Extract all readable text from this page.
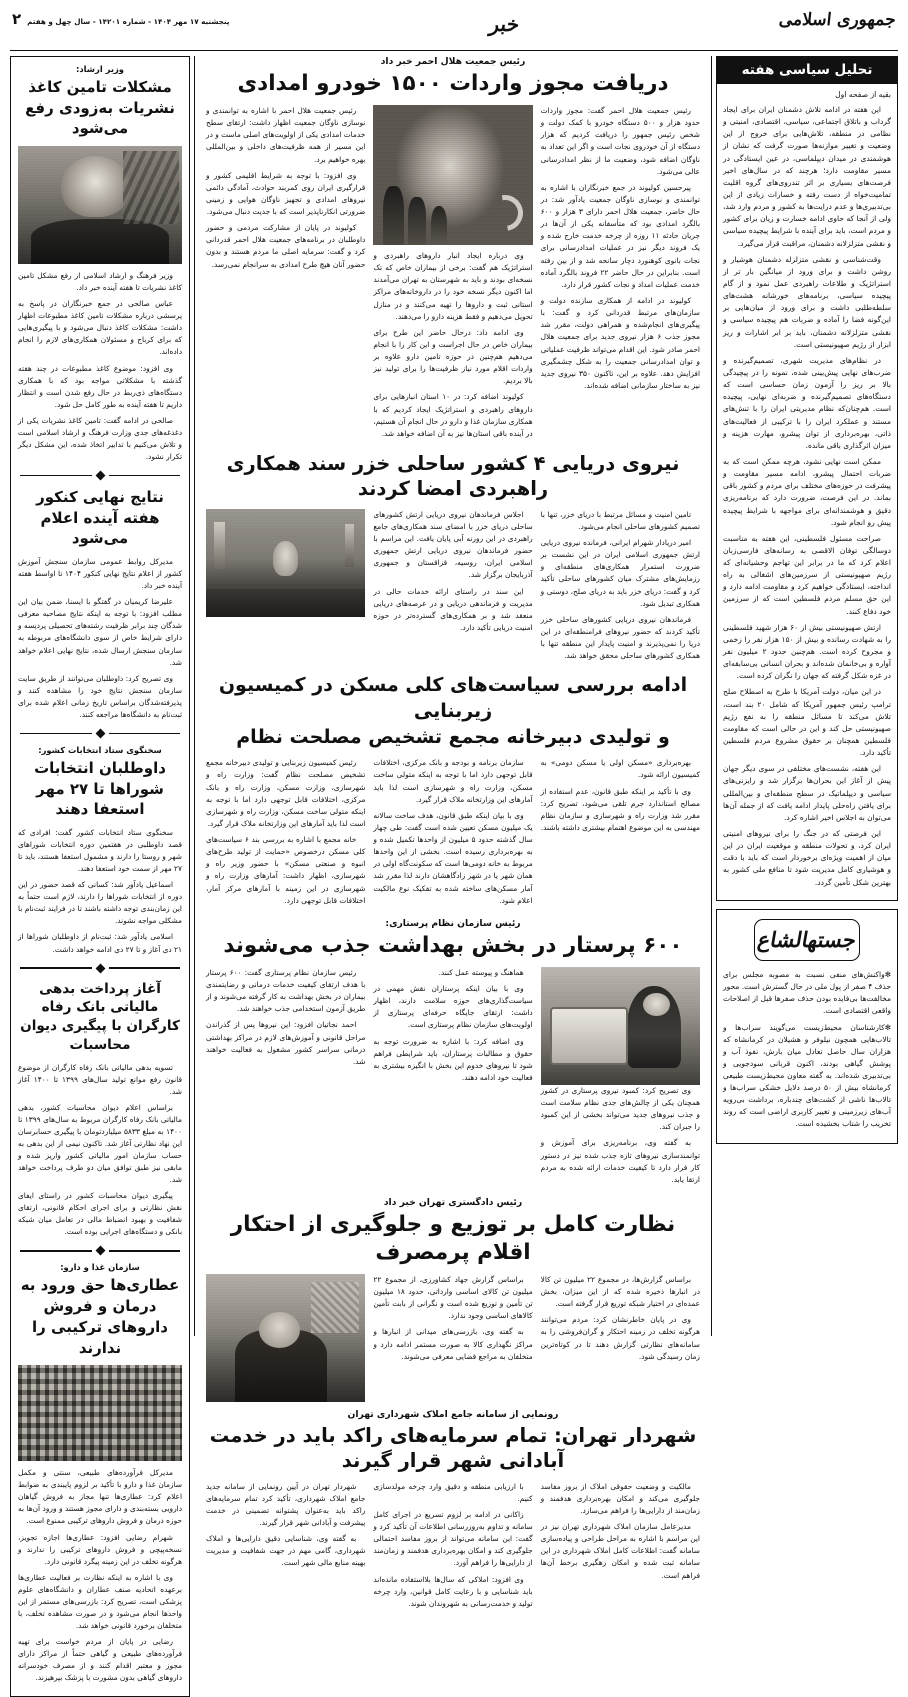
جمهوری اسلامی
خبر
۲ پنجشنبه ۱۷ مهر ۱۴۰۴ - شماره ۱۴۲۰۱ - سال چهل و هفتم
تحلیل سیاسی هفته
بقیه از صفحه اول

این هفته در ادامه تلاش دشمنان ایران برای ایجاد گرداب و باتلاق اجتماعی، سیاسی، اقتصادی، امنیتی و نظامی در منطقه، تلاش‌هایی برای خروج از این وضعیت و تغییر موازنه‌ها صورت گرفت که نشان از هوشمندی در میدان دیپلماسی، در عین ایستادگی در مسیر مقاومت دارد؛ هرچند که در سال‌های اخیر فرصت‌های بسیاری بر اثر تندروی‌های گروه اقلیت تمامیت‌خواه از دست رفته و خسارات زیادی از این بی‌تدبیری‌ها و عدم درایت‌ها به کشور و مردم وارد شد، ولی از آنجا که حاوی ادامه خسارت و زیان برای کشور و مردم است، باید برای آینده با شرایط پیچیده سیاسی و نقشی متزلزلانه دشمنان، مراقبت قرار می‌گیرد.

وقت‌شناسی و نقشی متزلزله دشمنان هوشیار و روشن داشت و برای ورود از میانگین بار تر از استراتژیک و طلاعات راهبردی عمل نمود و از گام پیچیده سیاسی، برنامه‌های خورشانه هشت‌های سلطه‌طلبی داشت و برای ورود از میان‌هایی بر این‌گونه فضا را آماده و ضربات هم پیچیده سیاسی و نقشی متزلزلانه دشمنان، باید بر ابر اشارات و ریز ابزار از رژیم صهیونیستی است.

در نظام‌های مدیریت شهری، تصمیم‌گیرنده و ضرب‌های نهایی پیش‌بینی شده، نمونه را در پیچیدگی بالا بر ریز را آزمون زمان حساسی است که دستگاه‌های تصمیم‌گیرنده و ضربه‌ای نهایی، پیچیده است. هم‌چنان‌که نظام مدیریتی ایران را با تنش‌های مستند و عملکرد ایران را با ترکیبی از فعالیت‌های ذاتی، بهره‌برداری از توان پیشرو، مهارت هزینه و میزان اثرگذاری باقی مانده.

ممکن است نهایی نشود، هرچه ممکن است که به ضربات احتمال پیشرو، ادامه مسیر مقاومت و پیشرفت در حوزه‌های مختلف برای مردم و کشور باقی بماند. در این فرصت، ضرورت دارد که برنامه‌ریزی دقیق و هوشمندانه‌ای برای مواجهه با شرایط پیچیده پیش رو انجام شود.

صراحت مسئول فلسطینی، این هفته به مناسبت دوسالگی توفان الاقصی به رسانه‌های فارسی‌زبان اعلام کرد که ما در برابر این تهاجم وحشیانه‌ای که رژیم صهیونیستی از سرزمین‌های اشغالی به راه انداخته، ایستادگی خواهیم کرد و مقاومت ادامه دارد و این حق مسلم مردم فلسطین است که از سرزمین خود دفاع کنند.

ارتش صهیونیستی بیش از ۶۰ هزار شهید فلسطینی را به شهادت رسانده و بیش از ۱۵۰ هزار نفر را زخمی و مجروح کرده است. هم‌چنین حدود ۲ میلیون نفر آواره و بی‌خانمان شده‌اند و بحران انسانی بی‌سابقه‌ای در غزه شکل گرفته که جهان را نگران کرده است.

در این میان، دولت آمریکا با طرح به اصطلاح صلح ترامپ رئیس جمهور آمریکا که شامل ۲۰ بند است، تلاش می‌کند تا مسائل منطقه را به نفع رژیم صهیونیستی حل کند و این در حالی است که مقاومت فلسطین همچنان بر حقوق مشروع مردم فلسطین تأکید دارد.

این هفته، نشست‌های مختلفی در سوی دیگر جهان پیش از آغاز این بحران‌ها برگزار شد و رایزنی‌های سیاسی و دیپلماتیک در سطح منطقه‌ای و بین‌المللی برای یافتن راه‌حلی پایدار ادامه یافت که از جمله آن‌ها می‌توان به اجلاس اخیر اشاره کرد.

این فرصتی که در جنگ را برای نیروهای امنیتی ایران کرد، و تحولات منطقه و موقعیت ایران در این میان از اهمیت ویژه‌ای برخوردار است که باید با دقت و هوشیاری کامل مدیریت شود تا منافع ملی کشور به بهترین شکل تأمین گردد.

جستهالشاع

✻واکنش‌های منفی نسبت به مصوبه مجلس برای حذف ۴ صفر از پول ملی در حال گسترش است. محور مخالفت‌ها بی‌فایده بودن حذف صفرها قبل از اصلاحات واقعی اقتصادی است.

✻کارشناسان محیط‌زیست می‌گویند سراب‌ها و تالاب‌هایی همچون نیلوفر و هشیلان در کرمانشاه که هزاران سال حاصل تعادل میان بارش، نفوذ آب و پوشش گیاهی بودند، اکنون قربانی سودجویی و بی‌تدبیری شده‌اند. به گفته معاون محیط‌زیست طبیعی کرمانشاه بیش از ۵۰ درصد دلایل خشکی سراب‌ها و تالاب‌ها ناشی از کشت‌های چندباره، برداشت بی‌رویه آب‌های زیرزمینی و تغییر کاربری اراضی است که روند تخریب را شتاب بخشیده است.

رئیس جمعیت هلال احمر خبر داد
دریافت مجوز واردات ۱۵۰۰ خودرو امدادی

رئیس جمعیت هلال احمر گفت: مجوز واردات حدود هزار و ۵۰۰ دستگاه خودرو با کمک دولت و شخص رئیس جمهور را دریافت کردیم که هزار دستگاه از آن خودروی نجات است و اگر این تعداد به ناوگان اضافه شود، وضعیت ما از نظر امدادرسانی عالی می‌شود.

پیرحسین کولیوند در جمع خبرنگاران با اشاره به توانمندی و نوسازی ناوگان جمعیت یادآور شد: در حال حاضر، جمعیت هلال احمر دارای ۳ هزار و ۶۰۰ بالگرد امدادی بود که متأسفانه یکی از آن‌ها در جریان حادثه ۱۱ روزه از چرخه خدمت خارج شده و یک فروند دیگر نیز در عملیات امدادرسانی برای نجات بانوی کوهنورد دچار سانحه شد و از بین رفته است. بنابراین در حال حاضر ۲۲ فروند بالگرد آماده خدمت عملیات امداد و نجات کشور قرار دارد.

کولیوند در ادامه از همکاری سازنده دولت و سازمان‌های مرتبط قدردانی کرد و گفت: با پیگیری‌های انجام‌شده و همراهی دولت، مقرر شد مجوز جذب ۶ هزار نیروی جدید برای جمعیت هلال احمر صادر شود. این اقدام می‌تواند ظرفیت عملیاتی و توان امدادرسانی جمعیت را به شکل چشمگیری افزایش دهد. علاوه بر این، تاکنون ۳۵۰ نیروی جدید نیز به ساختار سازمانی اضافه شده‌اند.

وی درباره ایجاد انبار داروهای راهبردی و استراتژیک هم گفت: برخی از بیماران خاص که تک نسخه‌ای بودند و باید به شهرستان به تهران می‌آمدند اما اکنون دیگر نسخه خود را در داروخانه‌های مراکز استانی ثبت و داروها را تهیه می‌کنند و در منازل تحویل می‌دهیم و فقط هزینه دارو را می‌دهند.

وی ادامه داد: درحال حاضر این طرح برای بیماران خاص در حال اجراست و این کار را با انجام می‌دهیم هم‌چنین در حوزه تامین دارو علاوه بر واردات اقلام مورد نیاز ظرفیت‌ها را برای تولید نیز بالا بردیم.

کولیوند اضافه کرد: در ۱۰ استان انبارهایی برای داروهای راهبردی و استراتژیک ایجاد کردیم که با همکاری سازمان غذا و دارو در حال انجام آن هستیم، در آینده باقی استان‌ها نیز به آن اضافه خواهد شد.

رئیس جمعیت هلال احمر با اشاره به توانمندی و نوسازی ناوگان جمعیت اظهار داشت: ارتقای سطح خدمات امدادی یکی از اولویت‌های اصلی ماست و در این مسیر از همه ظرفیت‌های داخلی و بین‌المللی بهره خواهیم برد.

وی افزود: با توجه به شرایط اقلیمی کشور و قرارگیری ایران روی کمربند حوادث، آمادگی دائمی نیروهای امدادی و تجهیز ناوگان هوایی و زمینی ضرورتی انکارناپذیر است که با جدیت دنبال می‌شود.

کولیوند در پایان از مشارکت مردمی و حضور داوطلبان در برنامه‌های جمعیت هلال احمر قدردانی کرد و گفت: سرمایه اصلی ما مردم هستند و بدون حضور آنان هیچ طرح امدادی به سرانجام نمی‌رسد.

نیروی دریایی ۴ کشور ساحلی خزر سند همکاری راهبردی امضا کردند

تامین امنیت و مسائل مرتبط با دریای خزر، تنها با تصمیم کشورهای ساحلی انجام می‌شود.

امیر دریادار شهرام ایرانی، فرمانده نیروی دریایی ارتش جمهوری اسلامی ایران در این نشست بر ضرورت استمرار همکاری‌های منطقه‌ای و رزمایش‌های مشترک میان کشورهای ساحلی تأکید کرد و گفت: دریای خزر باید به دریای صلح، دوستی و همکاری تبدیل شود.

فرماندهان نیروی دریایی کشورهای ساحلی خزر تأکید کردند که حضور نیروهای فرامنطقه‌ای در این دریا را نمی‌پذیرند و امنیت پایدار این منطقه تنها با همکاری کشورهای ساحلی محقق خواهد شد.

اجلاس فرماندهان نیروی دریایی ارتش کشورهای ساحلی دریای خزر با امضای سند همکاری‌های جامع راهبردی در این روزنه آبی پایان یافت. این مراسم با حضور فرماندهان نیروی دریایی ارتش جمهوری اسلامی ایران، روسیه، قزاقستان و جمهوری آذربایجان برگزار شد.

این سند در راستای ارائه خدمات حالی در مدیریت و فرماندهی دریایی و در عرصه‌های دریایی منعقد شد و بر همکاری‌های گسترده‌تر در حوزه امنیت دریایی تأکید دارد.

ادامه بررسی سیاست‌های کلی مسکن در کمیسیون زیربنایی
و تولیدی دبیرخانه مجمع تشخیص مصلحت نظام

بهره‌برداری «مسکن اولی یا مسکن دومی» به کمیسیون ارائه شود.

وی با تأکید بر اینکه طبق قانون، عدم استفاده از مصالح استاندارد جرم تلقی می‌شود، تصریح کرد: مقرر شد وزارت راه و شهرسازی و سازمان نظام مهندسی به این موضوع اهتمام بیشتری داشته باشند.

سازمان برنامه و بودجه و بانک مرکزی، اختلافات قابل توجهی دارد اما با توجه به اینکه متولی ساخت مسکن، وزارت راه و شهرسازی است لذا باید آمارهای این وزارتخانه ملاک قرار گیرد.

وی با بیان اینکه طبق قانون، هدف ساخت سالانه یک میلیون مسکن تعیین شده است گفت: طی چهار سال گذشته حدود ۵ میلیون از واحدها تکمیل شده و به بهره‌برداری رسیده است. بخشی از این واحدها مربوط به خانه دومی‌ها است که سکونت‌گاه اولی در همان شهر یا در شهر زادگاهشان دارند لذا مقرر شد آمار مسکن‌های ساخته شده به تفکیک نوع مالکیت اعلام شود.

رئیس کمیسیون زیربنایی و تولیدی دبیرخانه مجمع تشخیص مصلحت نظام گفت: وزارت راه و شهرسازی، وزارت مسکن، وزارت راه و بانک مرکزی، اختلافات قابل توجهی دارد اما با توجه به اینکه متولی ساخت مسکن، وزارت راه و شهرسازی است لذا باید آمارهای این وزارتخانه ملاک قرار گیرد.

خانه مجمع با اشاره به بررسی بند ۶ سیاست‌های کلی مسکن درخصوص «حمایت از تولید طرح‌های انبوه و صنعتی مسکن» با حضور وزیر راه و شهرسازی، اظهار داشت: آمارهای وزارت راه و شهرسازی در این زمینه با آمارهای مرکز آمار، اختلافات قابل توجهی دارد.

رئیس سازمان نظام پرستاری:
۶۰۰ پرستار در بخش بهداشت جذب می‌شوند

وی تصریح کرد: کمبود نیروی پرستاری در کشور همچنان یکی از چالش‌های جدی نظام سلامت است و جذب نیروهای جدید می‌تواند بخشی از این کمبود را جبران کند.

به گفته وی، برنامه‌ریزی برای آموزش و توانمندسازی نیروهای تازه جذب شده نیز در دستور کار قرار دارد تا کیفیت خدمات ارائه شده به مردم ارتقا یابد.

هماهنگ و پیوسته عمل کنند.

وی با بیان اینکه پرستاران نقش مهمی در سیاست‌گذاری‌های حوزه سلامت دارند، اظهار داشت: ارتقای جایگاه حرفه‌ای پرستاری از اولویت‌های سازمان نظام پرستاری است.

وی اضافه کرد: با اشاره به ضرورت توجه به حقوق و مطالبات پرستاران، باید شرایطی فراهم شود تا نیروهای خدوم این بخش با انگیزه بیشتری به فعالیت خود ادامه دهند.

رئیس سازمان نظام پرستاری گفت: ۶۰۰ پرستار با هدف ارتقای کیفیت خدمات درمانی و رضایتمندی بیماران در بخش بهداشت به کار گرفته می‌شوند و از طریق آزمون استخدامی جذب خواهند شد.

احمد نجاتیان افزود: این نیروها پس از گذراندن مراحل قانونی و آموزش‌های لازم در مراکز بهداشتی درمانی سراسر کشور مشغول به فعالیت خواهند شد.

رئیس دادگستری تهران خبر داد
نظارت کامل بر توزیع و جلوگیری از احتکار اقلام پرمصرف

براساس گزارش‌ها، در مجموع ۲۲ میلیون تن کالا در انبارها ذخیره شده که از این میزان، بخش عمده‌ای در اختیار شبکه توزیع قرار گرفته است.

وی در پایان خاطرنشان کرد: مردم می‌توانند هرگونه تخلف در زمینه احتکار و گران‌فروشی را به سامانه‌های نظارتی گزارش دهند تا در کوتاه‌ترین زمان رسیدگی شود.

براساس گزارش جهاد کشاورزی، از مجموع ۲۲ میلیون تن کالای اساسی وارداتی، حدود ۱۸ میلیون تن تأمین و توزیع شده است و نگرانی از بابت تأمین کالاهای اساسی وجود ندارد.

به گفته وی، بازرسی‌های میدانی از انبارها و مراکز نگهداری کالا به صورت مستمر ادامه دارد و متخلفان به مراجع قضایی معرفی می‌شوند.

رونمایی از سامانه جامع املاک شهرداری تهران
شهردار تهران: تمام سرمایه‌های راکد باید در خدمت آبادانی شهر قرار گیرند

مالکیت و وضعیت حقوقی املاک از بروز مفاسد جلوگیری می‌کند و امکان بهره‌برداری هدفمند و زمان‌مند از دارایی‌ها را فراهم می‌سازد.

مدیرعامل سازمان املاک شهرداری تهران نیز در این مراسم با اشاره به مراحل طراحی و پیاده‌سازی سامانه گفت: اطلاعات کامل املاک شهرداری در این سامانه ثبت شده و امکان رهگیری برخط آن‌ها فراهم است.

با ارزیابی منطقه و دقیق وارد چرخه مولدسازی کنیم.

زاکانی در ادامه بر لزوم تسریع در اجرای کامل سامانه و تداوم به‌روزرسانی اطلاعات آن تأکید کرد و گفت: این سامانه می‌تواند از بروز مفاسد احتمالی جلوگیری کند و امکان بهره‌برداری هدفمند و زمان‌مند از دارایی‌ها را فراهم آورد.

وی افزود: املاکی که سال‌ها بلااستفاده مانده‌اند باید شناسایی و با رعایت کامل قوانین، وارد چرخه تولید و خدمت‌رسانی به شهروندان شوند.

شهردار تهران در آیین رونمایی از سامانه جدید جامع املاک شهرداری، تأکید کرد تمام سرمایه‌های راکد باید به‌عنوان پشتوانه تضمینی در خدمت پیشرفت و آبادانی شهر قرار گیرند.

به گفته وی، شناسایی دقیق دارایی‌ها و املاک شهرداری، گامی مهم در جهت شفافیت و مدیریت بهینه منابع مالی شهر است.

وزیر ارشاد:
مشکلات تامین کاغذ نشریات به‌زودی رفع می‌شود

وزیر فرهنگ و ارشاد اسلامی از رفع مشکل تامین کاغذ نشریات تا هفته آینده خبر داد.

عباس صالحی در جمع خبرنگاران در پاسخ به پرسشی درباره مشکلات تامین کاغذ مطبوعات اظهار داشت: مشکلات کاغذ دنبال می‌شود و با پیگیری‌هایی که برای کرباج و مسئولان همکاری‌های لازم را انجام داده‌اند.

وی افزود: موضوع کاغذ مطبوعات در چند هفته گذشته با مشکلاتی مواجه بود که با همکاری دستگاه‌های ذی‌ربط در حال رفع شدن است و انتظار داریم تا هفته آینده به طور کامل حل شود.

صالحی در ادامه گفت: تامین کاغذ نشریات یکی از دغدغه‌های جدی وزارت فرهنگ و ارشاد اسلامی است و تلاش می‌کنیم با تدابیر اتخاذ شده، این مشکل دیگر تکرار نشود.

نتایج نهایی کنکور هفته آینده اعلام می‌شود

مدیرکل روابط عمومی سازمان سنجش آموزش کشور از اعلام نتایج نهایی کنکور ۱۴۰۴ تا اواسط هفته آینده خبر داد.

علیرضا کریمیان در گفتگو با ایسنا، ضمن بیان این مطلب افزود: با توجه به اینکه نتایج مصاحبه معرفی شدگان چند برابر ظرفیت رشته‌های تحصیلی پردیسه و دارای شرایط خاص از سوی دانشگاه‌های مربوطه به سازمان سنجش ارسال شده، نتایج نهایی اعلام خواهد شد.

وی تصریح کرد: داوطلبان می‌توانند از طریق سایت سازمان سنجش نتایج خود را مشاهده کنند و پذیرفته‌شدگان براساس تاریخ زمانی اعلام شده برای ثبت‌نام به دانشگاه‌ها مراجعه کنند.

سخنگوی ستاد انتخابات کشور:
داوطلبان انتخابات شوراها تا ۲۷ مهر استعفا دهند

سخنگوی ستاد انتخابات کشور گفت: افرادی که قصد داوطلبی در هفتمین دوره انتخابات شوراهای شهر و روستا را دارند و مشمول استعفا هستند، باید تا ۲۷ مهر از سمت خود استعفا دهند.

اسماعیل یادآور شد: کسانی که قصد حضور در این دوره از انتخابات شوراها را دارند، لازم است حتماً به این زمان‌بندی توجه داشته باشند تا در فرایند ثبت‌نام با مشکلی مواجه نشوند.

اسلامی یادآور شد: ثبت‌نام از داوطلبان شوراها از ۲۱ دی آغاز و تا ۲۷ دی ادامه خواهد داشت.

آغاز پرداخت بدهی مالیاتی بانک رفاه کارگران با پیگیری دیوان محاسبات

تسویه بدهی مالیاتی بانک رفاه کارگران از موضوع قانون رفع موانع تولید سال‌های ۱۳۹۹ تا ۱۴۰۰ آغاز شد.

براساس اعلام دیوان محاسبات کشور، بدهی مالیاتی بانک رفاه کارگران مربوط به سال‌های ۱۳۹۹ تا ۱۴۰۰ به مبلغ ۵۸۳۳ میلیاردتومان با پیگیری حسابرسان این نهاد نظارتی آغاز شد. تاکنون نیمی از این بدهی به حساب سازمان امور مالیاتی کشور واریز شده و مابقی نیز طبق توافق میان دو طرف پرداخت خواهد شد.

پیگیری دیوان محاسبات کشور در راستای ایفای نقش نظارتی و برای اجرای احکام قانونی، ارتقای شفافیت و بهبود انضباط مالی در تعامل میان شبکه بانکی و دستگاه‌های اجرایی بوده است.

سازمان غذا و دارو:
عطاری‌ها حق ورود به درمان و فروش داروهای ترکیبی را ندارند

مدیرکل فرآورده‌های طبیعی، سنتی و مکمل سازمان غذا و دارو با تأکید بر لزوم پایبندی به ضوابط اعلام کرد: عطاری‌ها تنها مجاز به فروش گیاهان دارویی بسته‌بندی و دارای مجوز هستند و ورود آن‌ها به حوزه درمان و فروش داروهای ترکیبی ممنوع است.

شهرام رضایی افزود: عطاری‌ها اجازه تجویز، نسخه‌پیچی و فروش داروهای ترکیبی را ندارند و هرگونه تخلف در این زمینه پیگرد قانونی دارد.

وی با اشاره به اینکه نظارت بر فعالیت عطاری‌ها برعهده اتحادیه صنف عطاران و دانشگاه‌های علوم پزشکی است، تصریح کرد: بازرسی‌های مستمر از این واحدها انجام می‌شود و در صورت مشاهده تخلف، با متخلفان برخورد قانونی خواهد شد.

رضایی در پایان از مردم خواست برای تهیه فرآورده‌های طبیعی و گیاهی حتماً از مراکز دارای مجوز و معتبر اقدام کنند و از مصرف خودسرانه داروهای گیاهی بدون مشورت با پزشک بپرهیزند.
